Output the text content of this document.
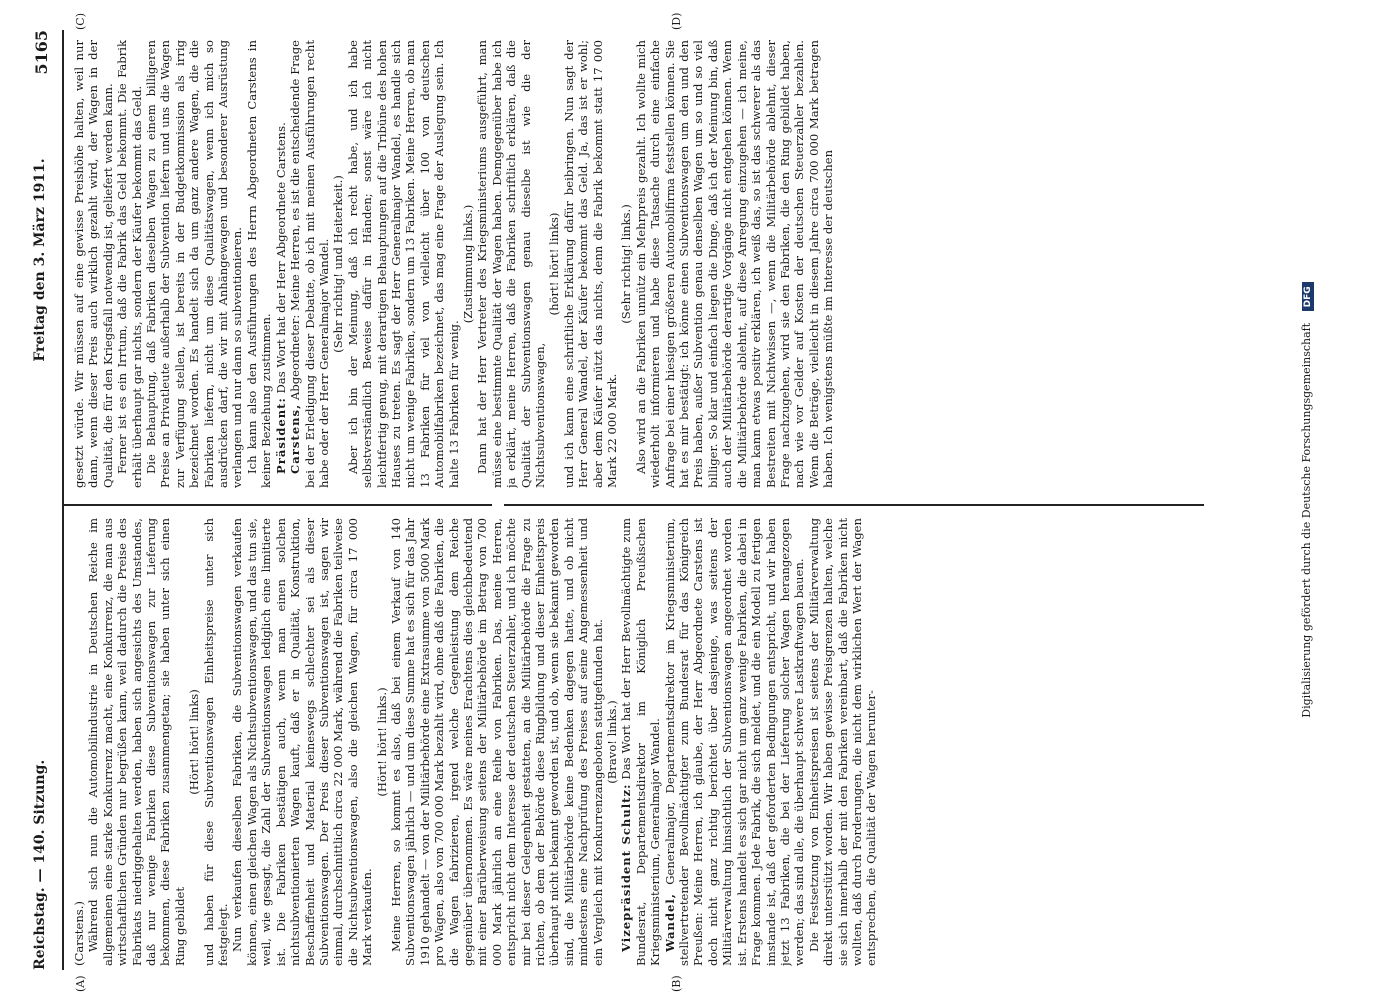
Reichstag. — 140. Sitzung.
Freitag den 3. März 1911.
5165
(A)	(B)
(C)	(D)

(Carstens.) Während sich nun die Automobilindustrie in Deutschen Reiche im allgemeinen eine starke Konkurrenz macht, eine Konkurrenz, die man aus wirtschaftlichen Gründen nur begrüßen kann, weil dadurch die Preise des Fabrikats niedriggehalten werden, haben sich angesichts des Umstandes, daß nur wenige Fabriken diese Subventionswagen zur Lieferung bekommen, diese Fabriken zusammengetan; sie haben unter sich einen Ring gebildet

(Hört! hört! links) und haben für diese Subventionswagen Einheitspreise unter sich festgelegt. Nun verkaufen dieselben Fabriken, die Subventionswagen verkaufen können, einen gleichen Wagen als Nichtsubventionswagen, und das tun sie, weil, wie gesagt, die Zahl der Subventionswagen lediglich eine limitierte ist. Die Fabriken bestätigen auch, wenn man einen solchen nichtsubventionierten Wagen kauft, daß er in Qualität, Konstruktion, Beschaffenheit und Material keineswegs schlechter sei als dieser Subventionswagen. Der Preis dieser Subventionswagen ist, sagen wir einmal, durchschnittlich circa 22 000 Mark, während die Fabriken teilweise die Nichtsubventionswagen, also die gleichen Wagen, für circa 17 000 Mark verkaufen.

(Hört! hört! links.) Meine Herren, so kommt es also, daß bei einem Verkauf von 140 Subventionswagen jährlich — und um diese Summe hat es sich für das Jahr 1910 gehandelt — von der Militärbehörde eine Extrasumme von 5000 Mark pro Wagen, also von 700 000 Mark bezahlt wird, ohne daß die Fabriken, die die Wagen fabrizieren, irgend welche Gegenleistung dem Reiche gegenüber übernommen. Es wäre meines Erachtens dies gleichbedeutend mit einer Barüberweisung seitens der Militärbehörde im Betrag von 700 000 Mark jährlich an eine Reihe von Fabriken. Das, meine Herren, entspricht nicht dem Interesse der deutschen Steuerzahler, und ich möchte mir bei dieser Gelegenheit gestatten, an die Militärbehörde die Frage zu richten, ob dem der Behörde diese Ringbildung und dieser Einheitspreis überhaupt nicht bekannt geworden ist, und ob, wenn sie bekannt geworden sind, die Militärbehörde keine Bedenken dagegen hatte, und ob nicht mindestens eine Nachprüfung des Preises auf seine Angemessenheit und ein Vergleich mit Konkurrenzangeboten stattgefunden hat. (Bravo! links.)

Vizepräsident Schultz: Das Wort hat der Herr Bevollmächtigte zum Bundesrat, Departementsdirektor im Königlich Preußischen Kriegsministerium, Generalmajor Wandel. Wandel, Generalmajor, Departementsdirektor im Kriegsministerium, stellvertretender Bevollmächtigter zum Bundesrat für das Königreich Preußen: Meine Herren, ich glaube, der Herr Abgeordnete Carstens ist doch nicht ganz richtig berichtet über dasjenige, was seitens der Militärverwaltung hinsichtlich der Subventionswagen angeordnet worden ist. Erstens handelt es sich gar nicht um ganz wenige Fabriken, die dabei in Frage kommen. Jede Fabrik, die sich meldet, und die ein Modell zu fertigen imstande ist, daß der geforderten Bedingungen entspricht, und wir haben jetzt 13 Fabriken, die bei der Lieferung solcher Wagen herangezogen werden; das sind alle, die überhaupt schwere Lastkraftwagen bauen. Die Festsetzung von Einheitspreisen ist seitens der Militärverwaltung direkt unterstützt worden. Wir haben gewisse Preisgrenzen halten, welche sie sich innerhalb der mit den Fabriken vereinbart, daß die Fabriken nicht wollten, daß durch Forderungen, die nicht dem wirklichen Wert der Wagen entsprechen, die Qualität der Wagen herunter-

gesetzt würde. Wir müssen auf eine gewisse Preishöhe halten, weil nur dann, wenn dieser Preis auch wirklich gezahlt wird, der Wagen in der Qualität, die für den Kriegsfall notwendig ist, geliefert werden kann. Ferner ist es ein Irrtum, daß die Fabrik das Geld bekommt. Die Fabrik erhält überhaupt gar nichts, sondern der Käufer bekommt das Geld. Die Behauptung, daß Fabriken dieselben Wagen zu einem billigeren Preise an Privatleute außerhalb der Subvention liefern und uns die Wagen zur Verfügung stellen, ist bereits in der Budgetkommission als irrig bezeichnet worden. Es handelt sich da um ganz andere Wagen, die die Fabriken liefern, nicht um diese Qualitätswagen, wenn ich mich so ausdrücken darf, die wir mit Anhängewagen und besonderer Ausrüstung verlangen und nur dann so subventionieren. Ich kann also den Ausführungen des Herrn Abgeordneten Carstens in keiner Beziehung zustimmen. Präsident: Das Wort hat der Herr Abgeordnete Carstens.

Carstens, Abgeordneter: Meine Herren, es ist die entscheidende Frage bei der Erledigung dieser Debatte, ob ich mit meinen Ausführungen recht habe oder der Herr Generalmajor Wandel. (Sehr richtig! und Heiterkeit.) Aber ich bin der Meinung, daß ich recht habe, und ich habe selbstverständlich Beweise dafür in Händen; sonst wäre ich nicht leichtfertig genug, mit derartigen Behauptungen auf die Tribüne des hohen Hauses zu treten. Es sagt der Herr Generalmajor Wandel, es handle sich nicht um wenige Fabriken, sondern um 13 Fabriken. Meine Herren, ob man 13 Fabriken für viel von vielleicht über 100 von deutschen Automobilfabriken bezeichnet, das mag eine Frage der Auslegung sein. Ich halte 13 Fabriken für wenig.

(Zustimmung links.) Dann hat der Herr Vertreter des Kriegsministeriums ausgeführt, man müsse eine bestimmte Qualität der Wagen haben. Demgegenüber habe ich ja erklärt, meine Herren, daß die Fabriken schriftlich erklären, daß die Qualität der Subventionswagen genau dieselbe ist wie die der Nichtsubventionswagen,

(hört! hört! links) und ich kann eine schriftliche Erklärung dafür beibringen. Nun sagt der Herr General Wandel, der Käufer bekommt das Geld. Ja, das ist er wohl; aber dem Käufer nützt das nichts, denn die Fabrik bekommt statt 17 000 Mark 22 000 Mark.

(Sehr richtig! links.) Also wird an die Fabriken unnütz ein Mehrpreis gezahlt. Ich wollte mich wiederholt informieren und habe diese Tatsache durch eine einfache Anfrage bei einer hiesigen größeren Automobilfirma feststellen können. Sie hat es mir bestätigt: ich könne einen Subventionswagen um den und den Preis haben, außer Subvention genau denselben Wagen um so und so viel billiger. So klar und einfach liegen die Dinge, daß ich der Meinung bin, daß auch der Militärbehörde derartige Vorgänge nicht entgehen können. Wenn die Militärbehörde ablehnt, auf diese Anregung einzugehen — ich meine, man kann etwas positiv erklären, ich weiß das, so ist das schwerer als das Bestreiten mit Nichtwissen —, wenn die Militärbehörde ablehnt, dieser Frage nachzugehen, wird sie den Fabriken, die den Ring gebildet haben, nach wie vor Gelder auf Kosten der deutschen Steuerzahler bezahlen. Wenn die Beträge, vielleicht in diesem Jahre circa 700 000 Mark betragen haben. Ich wenigstens müßte im Interesse der deutschen

Digitalisierung gefördert durch die Deutsche Forschungsgemeinschaft DFG
